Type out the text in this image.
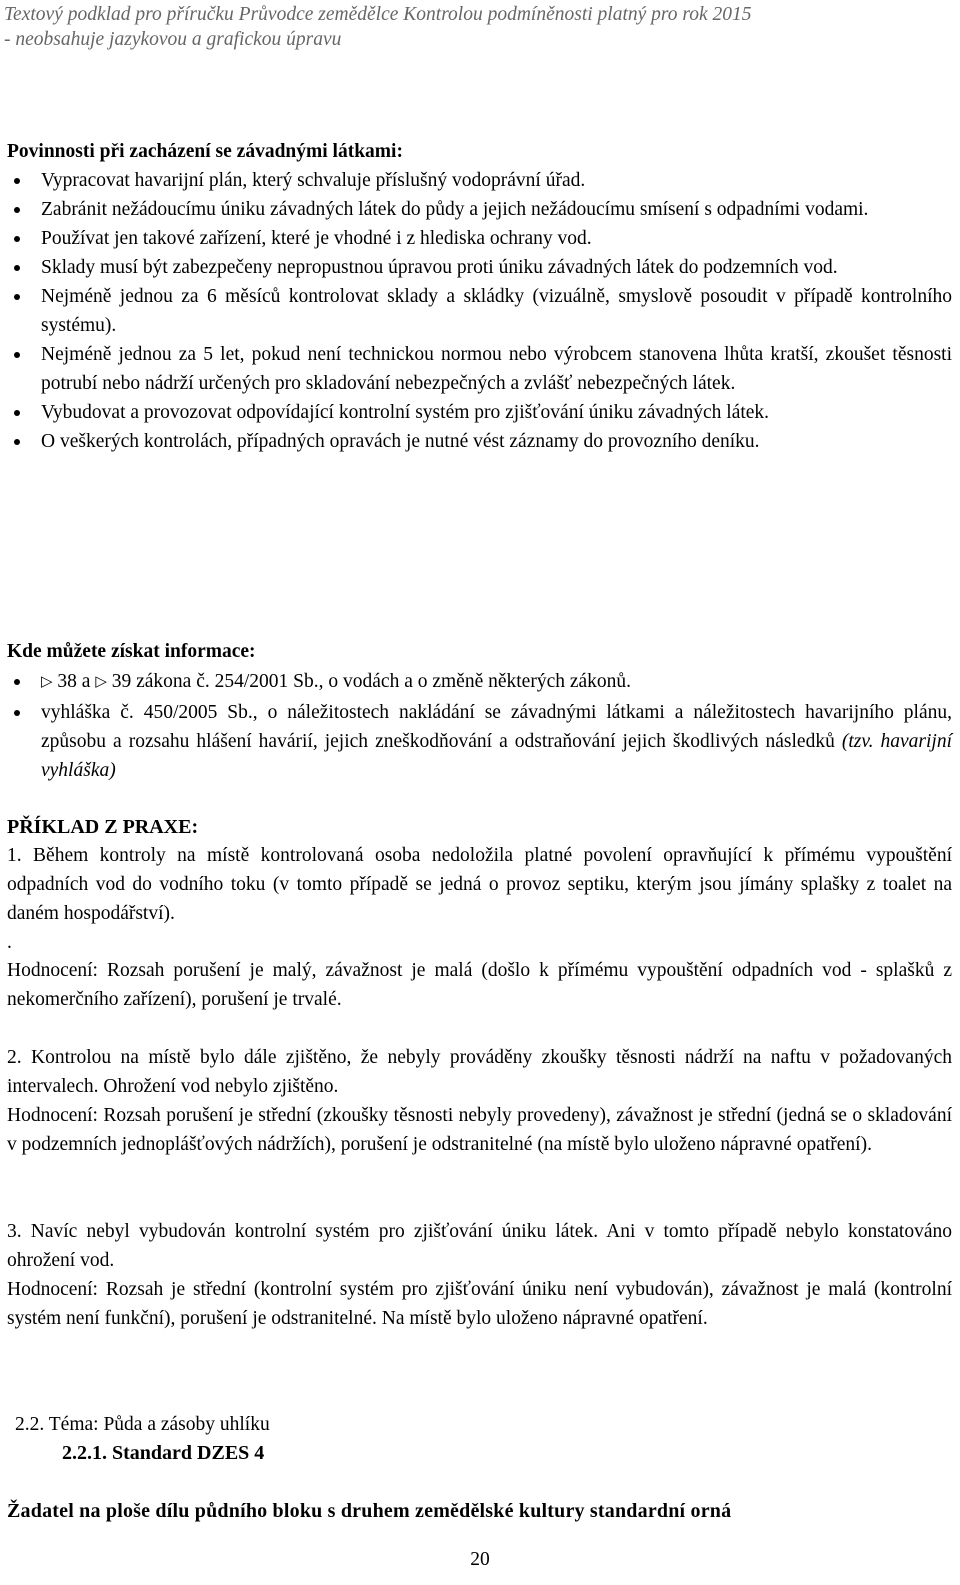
Textový podklad pro příručku Průvodce zemědělce Kontrolou podmíněnosti platný pro rok 2015
- neobsahuje jazykovou a grafickou úpravu
Povinnosti při zacházení se závadnými látkami:
Vypracovat havarijní plán, který schvaluje příslušný vodoprávní úřad.
Zabránit nežádoucímu úniku závadných látek do půdy a jejich nežádoucímu smísení s odpadními vodami.
Používat jen takové zařízení, které je vhodné i z hlediska ochrany vod.
Sklady musí být zabezpečeny nepropustnou úpravou proti úniku závadných látek do podzemních vod.
Nejméně jednou za 6 měsíců kontrolovat sklady a skládky (vizuálně, smyslově posoudit v případě kontrolního systému).
Nejméně jednou za 5 let, pokud není technickou normou nebo výrobcem stanovena lhůta kratší, zkoušet těsnosti potrubí nebo nádrží určených pro skladování nebezpečných a zvlášť nebezpečných látek.
Vybudovat a provozovat odpovídající kontrolní systém pro zjišťování úniku závadných látek.
O veškerých kontrolách, případných opravách je nutné vést záznamy do provozního deníku.
Kde můžete získat informace:
▷ 38 a ▷ 39 zákona č. 254/2001 Sb., o vodách a o změně některých zákonů.
vyhláška č. 450/2005 Sb., o náležitostech nakládání se závadnými látkami a náležitostech havarijního plánu, způsobu a rozsahu hlášení havárií, jejich zneškodňování a odstraňování jejich škodlivých následků (tzv. havarijní vyhláška)
PŘÍKLAD Z PRAXE:
1. Během kontroly na místě kontrolovaná osoba nedoložila platné povolení opravňující k přímému vypouštění odpadních vod do vodního toku (v tomto případě se jedná o provoz septiku, kterým jsou jímány splašky z toalet na daném hospodářství).
.
Hodnocení: Rozsah porušení je malý, závažnost je malá (došlo k přímému vypouštění odpadních vod - splašků z nekomerčního zařízení), porušení je trvalé.
2. Kontrolou na místě bylo dále zjištěno, že nebyly prováděny zkoušky těsnosti nádrží na naftu v požadovaných intervalech. Ohrožení vod nebylo zjištěno.
Hodnocení: Rozsah porušení je střední (zkoušky těsnosti nebyly provedeny), závažnost je střední (jedná se o skladování v podzemních jednoplášťových nádržích), porušení je odstranitelné (na místě bylo uloženo nápravné opatření).
3. Navíc nebyl vybudován kontrolní systém pro zjišťování úniku látek. Ani v tomto případě nebylo konstatováno ohrožení vod.
Hodnocení: Rozsah je střední (kontrolní systém pro zjišťování úniku není vybudován), závažnost je malá (kontrolní systém není funkční), porušení je odstranitelné. Na místě bylo uloženo nápravné opatření.
2.2. Téma: Půda a zásoby uhlíku
2.2.1. Standard DZES 4
Žadatel na ploše dílu půdního bloku s druhem zemědělské kultury standardní orná
20
